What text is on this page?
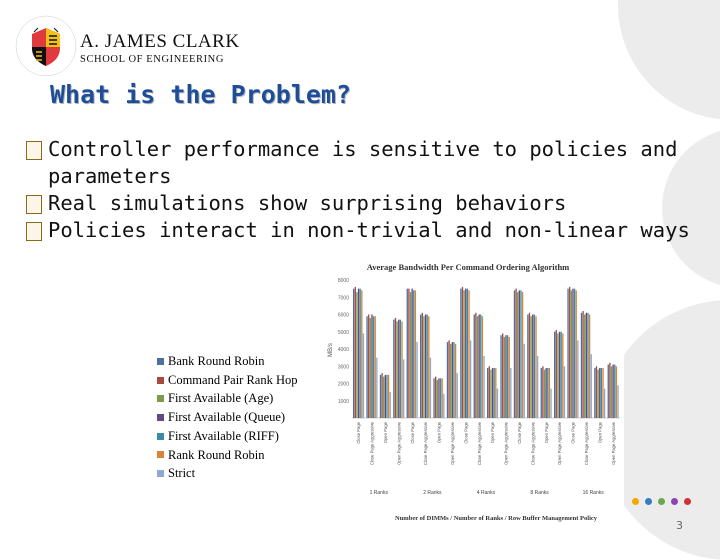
A. JAMES CLARK
SCHOOL OF ENGINEERING
What is the Problem?
Controller performance is sensitive to policies and parameters
Real simulations show surprising behaviors
Policies interact in non-trivial and non-linear ways
Bank Round Robin
Command Pair Rank Hop
First Available (Age)
First Available (Queue)
First Available (RIFF)
Rank Round Robin
Strict
Average Bandwidth Per Command Ordering Algorithm
MB/s
Number of DIMMs / Number of Ranks / Row Buffer Management Policy
1000
2000
3000
4000
5000
6000
7000
8000
Close Page Close Page Aggressive Open Page Open Page Aggressive Close Page Close Page Aggressive Open Page Open Page Aggressive Close Page Close Page Aggressive Open Page Open Page Aggressive Close Page Close Page Aggressive Open Page Open Page Aggressive Close Page Close Page Aggressive Open Page Open Page Aggressive
1 Ranks	2 Ranks	4 Ranks	8 Ranks	16 Ranks
3
